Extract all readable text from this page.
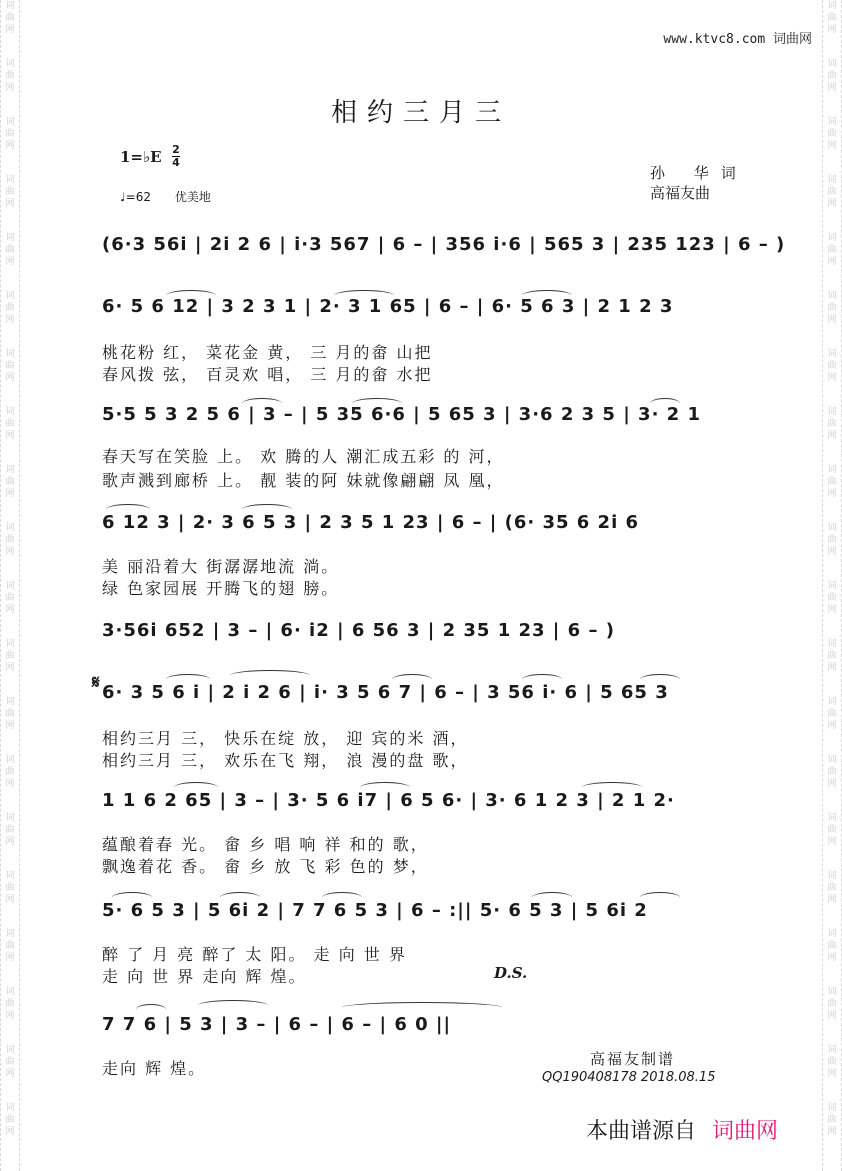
词
曲
网
词
曲
网
词
曲
网
词
曲
网
词
曲
网
词
曲
网
词
曲
网
词
曲
网
词
曲
网
词
曲
网
词
曲
网
词
曲
网
词
曲
网
词
曲
网
词
曲
网
词
曲
网
词
曲
网
词
曲
网
词
曲
网
词
曲
网
词
曲
网
词
曲
网
词
曲
网
词
曲
网
词
曲
网
词
曲
网
词
曲
网
词
曲
网
词
曲
网
词
曲
网
词
曲
网
词
曲
网
词
曲
网
词
曲
网
词
曲
网
词
曲
网
词
曲
网
词
曲
网
词
曲
网
词
曲
网
www.ktvc8.com 词曲网
相约三月三
1=♭E 2
4
♩=62 优美地
孙 华词
高福友曲
(6·3 56i | 2i 2 6 | i·3 567 | 6 – | 356 i·6 | 565 3 | 235 123 | 6 – )
6· 5 6 12 | 3 2 3 1 | 2· 3 1 65 | 6 – | 6· 5 6 3 | 2 1 2 3
桃花粉 红， 菜花金 黄， 三 月的畲 山把
春风拨 弦， 百灵欢 唱， 三 月的畲 水把
5·5 5 3 2 5 6 | 3 – | 5 35 6·6 | 5 65 3 | 3·6 2 3 5 | 3· 2 1
春天写在笑脸 上。 欢 腾的人 潮汇成五彩 的 河，
歌声溅到廊桥 上。 靓 装的阿 妹就像翩翩 凤 凰，
6 12 3 | 2· 3 6 5 3 | 2 3 5 1 23 | 6 – | (6· 35 6 2i 6
美 丽沿着大 街潺潺地流 淌。
绿 色家园展 开腾飞的翅 膀。
3·56i 652 | 3 – | 6· i2 | 6 56 3 | 2 35 1 23 | 6 – )
𝄋 6· 3 5 6 i | 2 i 2 6 | i· 3 5 6 7 | 6 – | 3 56 i· 6 | 5 65 3
相约三月 三， 快乐在绽 放， 迎 宾的米 酒，
相约三月 三， 欢乐在飞 翔， 浪 漫的盘 歌，
1 1 6 2 65 | 3 – | 3· 5 6 i7 | 6 5 6· | 3· 6 1 2 3 | 2 1 2·
蕴酿着春 光。 畲 乡 唱 响 祥 和的 歌，
飘逸着花 香。 畲 乡 放 飞 彩 色的 梦，
5· 6 5 3 | 5 6i 2 | 7 7 6 5 3 | 6 – :|| 5· 6 5 3 | 5 6i 2
醉 了 月 亮 醉了 太 阳。 走 向 世 界
走 向 世 界 走向 辉 煌。	D.S.
7 7 6 | 5 3 | 3 – | 6 – | 6 – | 6 0 ||
走向 辉 煌。	高福友制谱
QQ190408178 2018.08.15
本曲谱源自 词曲网
